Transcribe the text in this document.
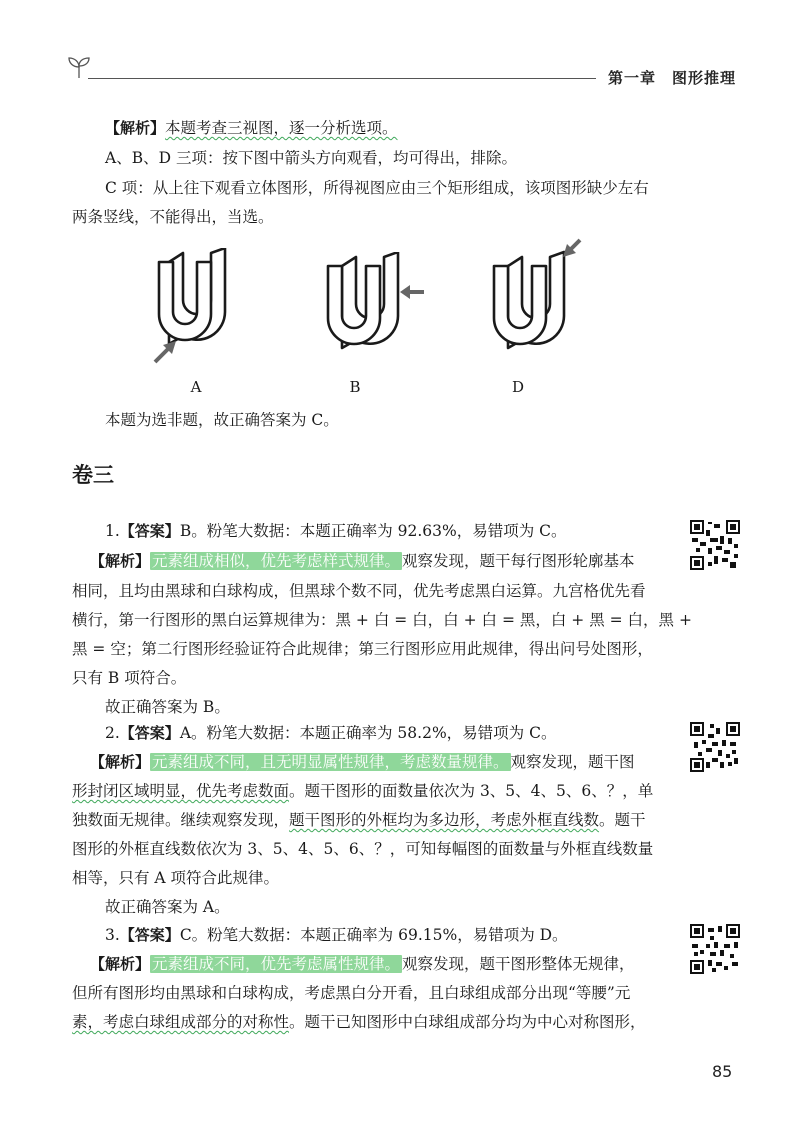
第一章　图形推理
【解析】本题考查三视图，逐一分析选项。
A、B、D 三项：按下图中箭头方向观看，均可得出，排除。
C 项：从上往下观看立体图形，所得视图应由三个矩形组成，该项图形缺少左右
两条竖线，不能得出，当选。
A	B	D
本题为选非题，故正确答案为 C。
卷三
1.【答案】B。粉笔大数据：本题正确率为 92.63%，易错项为 C。
【解析】 元素组成相似，优先考虑样式规律。 观察发现，题干每行图形轮廓基本
相同，且均由黑球和白球构成，但黑球个数不同，优先考虑黑白运算。九宫格优先看
横行，第一行图形的黑白运算规律为：黑 + 白 = 白，白 + 白 = 黑，白 + 黑 = 白，黑 +
黑 = 空；第二行图形经验证符合此规律；第三行图形应用此规律，得出问号处图形，
只有 B 项符合。
故正确答案为 B。
2.【答案】A。粉笔大数据：本题正确率为 58.2%，易错项为 C。
【解析】 元素组成不同，且无明显属性规律，考虑数量规律。 观察发现，题干图
形封闭区域明显，优先考虑数面。题干图形的面数量依次为 3、5、4、5、6、？，单
独数面无规律。继续观察发现，题干图形的外框均为多边形，考虑外框直线数。题干
图形的外框直线数依次为 3、5、4、5、6、？，可知每幅图的面数量与外框直线数量
相等，只有 A 项符合此规律。
故正确答案为 A。
3.【答案】C。粉笔大数据：本题正确率为 69.15%，易错项为 D。
【解析】 元素组成不同，优先考虑属性规律。 观察发现，题干图形整体无规律，
但所有图形均由黑球和白球构成，考虑黑白分开看，且白球组成部分出现“等腰”元
素，考虑白球组成部分的对称性。题干已知图形中白球组成部分均为中心对称图形，
85
